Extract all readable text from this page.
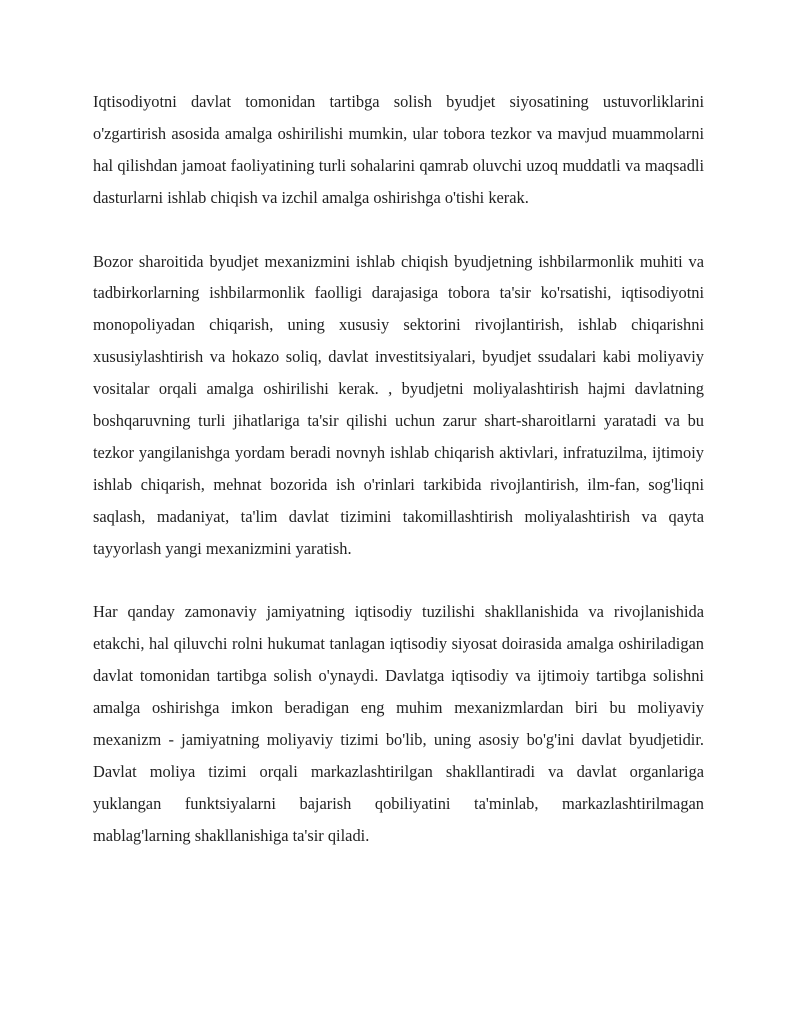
Iqtisodiyotni davlat tomonidan tartibga solish byudjet siyosatining ustuvorliklarini o'zgartirish asosida amalga oshirilishi mumkin, ular tobora tezkor va mavjud muammolarni hal qilishdan jamoat faoliyatining turli sohalarini qamrab oluvchi uzoq muddatli va maqsadli dasturlarni ishlab chiqish va izchil amalga oshirishga o'tishi kerak.

Bozor sharoitida byudjet mexanizmini ishlab chiqish byudjetning ishbilarmonlik muhiti va tadbirkorlarning ishbilarmonlik faolligi darajasiga tobora ta'sir ko'rsatishi, iqtisodiyotni monopoliyadan chiqarish, uning xususiy sektorini rivojlantirish, ishlab chiqarishni xususiylashtirish va hokazo soliq, davlat investitsiyalari, byudjet ssudalari kabi moliyaviy vositalar orqali amalga oshirilishi kerak. , byudjetni moliyalashtirish hajmi davlatning boshqaruvning turli jihatlariga ta'sir qilishi uchun zarur shart-sharoitlarni yaratadi va bu tezkor yangilanishga yordam beradi novnyh ishlab chiqarish aktivlari, infratuzilma, ijtimoiy ishlab chiqarish, mehnat bozorida ish o'rinlari tarkibida rivojlantirish, ilm-fan, sog'liqni saqlash, madaniyat, ta'lim davlat tizimini takomillashtirish moliyalashtirish va qayta tayyorlash yangi mexanizmini yaratish.

Har qanday zamonaviy jamiyatning iqtisodiy tuzilishi shakllanishida va rivojlanishida etakchi, hal qiluvchi rolni hukumat tanlagan iqtisodiy siyosat doirasida amalga oshiriladigan davlat tomonidan tartibga solish o'ynaydi. Davlatga iqtisodiy va ijtimoiy tartibga solishni amalga oshirishga imkon beradigan eng muhim mexanizmlardan biri bu moliyaviy mexanizm - jamiyatning moliyaviy tizimi bo'lib, uning asosiy bo'g'ini davlat byudjetidir. Davlat moliya tizimi orqali markazlashtirilgan shakllantiradi va davlat organlariga yuklangan funktsiyalarni bajarish qobiliyatini ta'minlab, markazlashtirilmagan mablag'larning shakllanishiga ta'sir qiladi.
